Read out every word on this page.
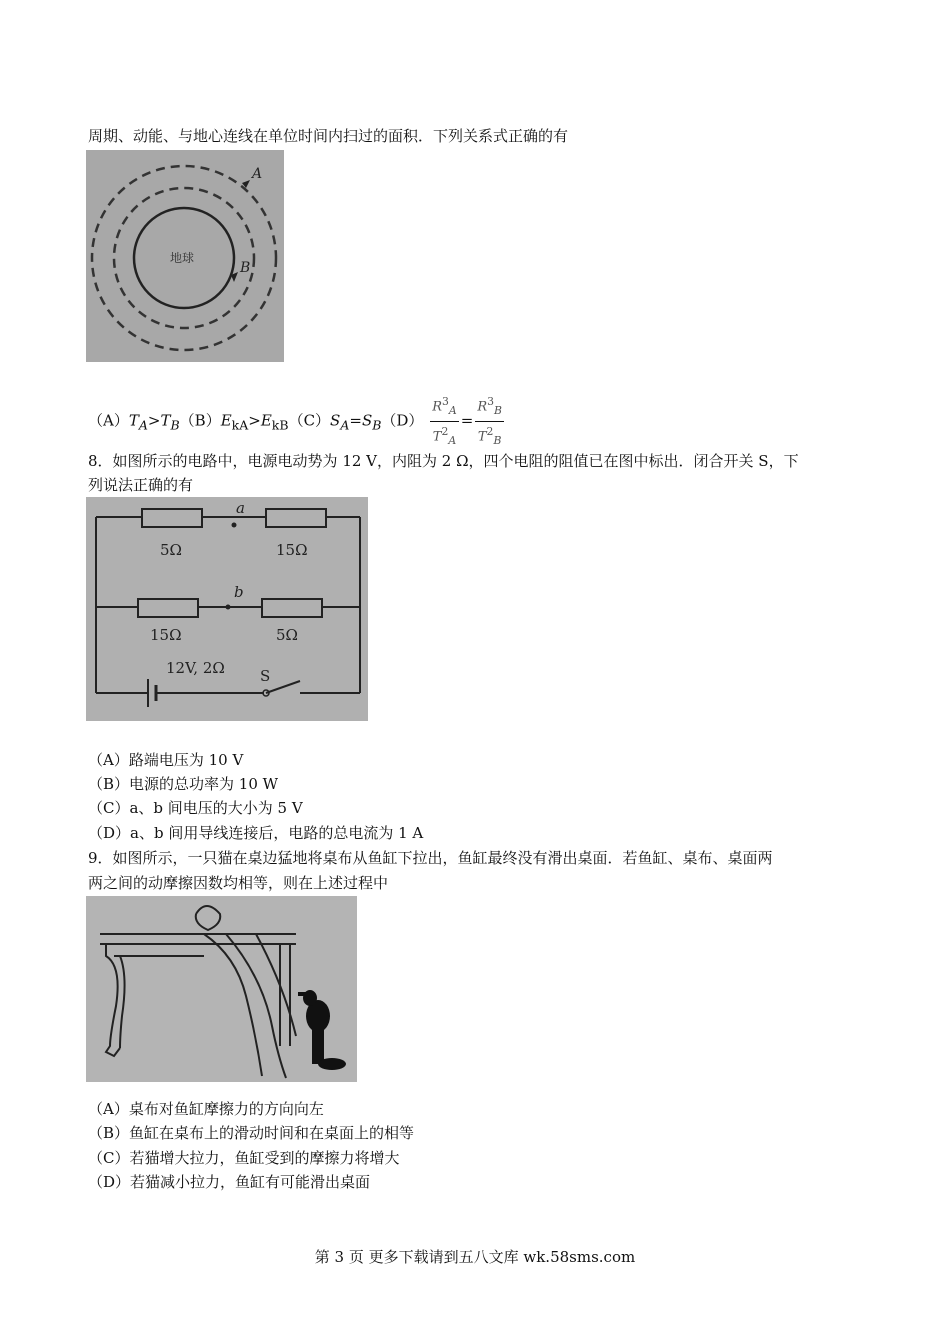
周期、动能、与地心连线在单位时间内扫过的面积．下列关系式正确的有
地球
A
B
$(A)T_A>T_B(B)E_{kA}>E_{kB}(C)S_A=S_B(D) \frac{R^3_A}{T^2_A} = \frac{R^3_B}{T^2_B}$
8．如图所示的电路中，电源电动势为 12 V，内阻为 2 Ω，四个电阻的阻值已在图中标出．闭合开关 S，下
列说法正确的有
5Ω	15Ω
15Ω	5Ω
a
b
12V, 2Ω S
（A）路端电压为 10 V
（B）电源的总功率为 10 W
（C）a、b 间电压的大小为 5 V
（D）a、b 间用导线连接后，电路的总电流为 1 A
9．如图所示，一只猫在桌边猛地将桌布从鱼缸下拉出，鱼缸最终没有滑出桌面．若鱼缸、桌布、桌面两
两之间的动摩擦因数均相等，则在上述过程中
（A）桌布对鱼缸摩擦力的方向向左
（B）鱼缸在桌布上的滑动时间和在桌面上的相等
（C）若猫增大拉力，鱼缸受到的摩擦力将增大
（D）若猫减小拉力，鱼缸有可能滑出桌面
第 3 页 更多下载请到五八文库 wk.58sms.com
